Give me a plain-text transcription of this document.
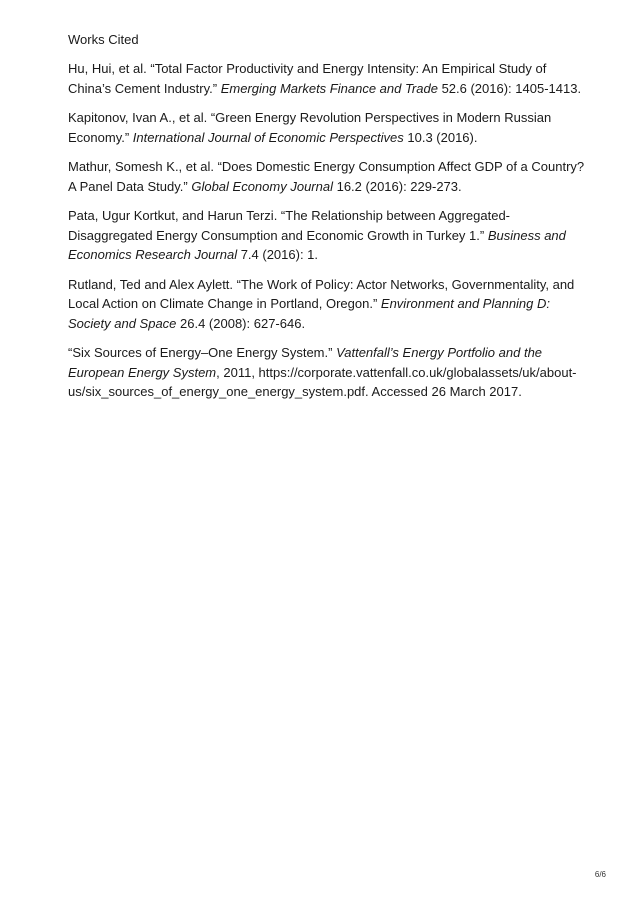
Works Cited
Hu, Hui, et al. “Total Factor Productivity and Energy Intensity: An Empirical Study of
China’s Cement Industry.” Emerging Markets Finance and Trade 52.6 (2016): 1405-1413.
Kapitonov, Ivan A., et al. “Green Energy Revolution Perspectives in Modern Russian
Economy.” International Journal of Economic Perspectives 10.3 (2016).
Mathur, Somesh K., et al. “Does Domestic Energy Consumption Affect GDP of a Country?
A Panel Data Study.” Global Economy Journal 16.2 (2016): 229-273.
Pata, Ugur Kortkut, and Harun Terzi. “The Relationship between Aggregated-
Disaggregated Energy Consumption and Economic Growth in Turkey 1.” Business and
Economics Research Journal 7.4 (2016): 1.
Rutland, Ted and Alex Aylett. “The Work of Policy: Actor Networks, Governmentality, and
Local Action on Climate Change in Portland, Oregon.” Environment and Planning D:
Society and Space 26.4 (2008): 627-646.
“Six Sources of Energy–One Energy System.” Vattenfall’s Energy Portfolio and the
European Energy System, 2011, https://corporate.vattenfall.co.uk/globalassets/uk/about-
us/six_sources_of_energy_one_energy_system.pdf. Accessed 26 March 2017.
6/6
